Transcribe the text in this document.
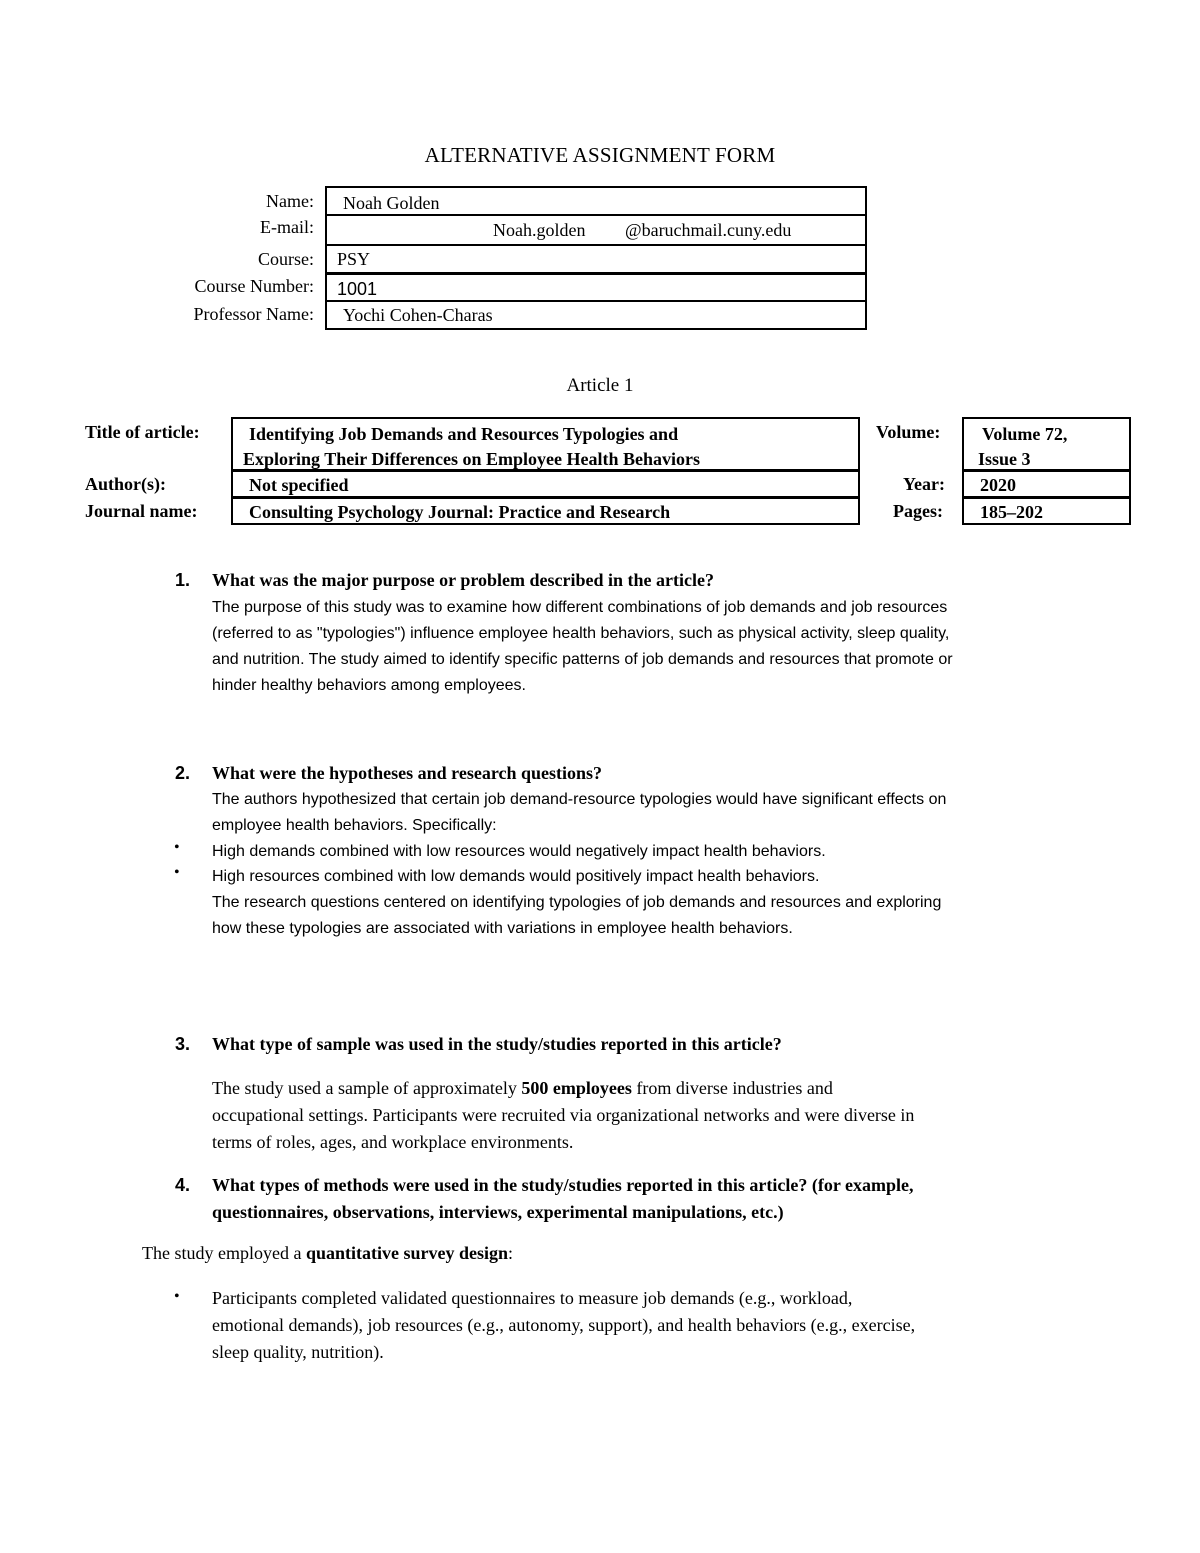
ALTERNATIVE ASSIGNMENT FORM
Name:
E-mail:
Course:
Course Number:
Professor Name:
Noah Golden
Noah.golden @baruchmail.cuny.edu
PSY
1001
Yochi Cohen-Charas
Article 1
Title of article:
Author(s):
Journal name:
Identifying Job Demands and Resources Typologies and
Exploring Their Differences on Employee Health Behaviors
Not specified
Consulting Psychology Journal: Practice and Research
Volume:
Year:
Pages:
Volume 72,
Issue 3
2020
185–202
1. What was the major purpose or problem described in the article?
The purpose of this study was to examine how different combinations of job demands and job resources
(referred to as "typologies") influence employee health behaviors, such as physical activity, sleep quality,
and nutrition. The study aimed to identify specific patterns of job demands and resources that promote or
hinder healthy behaviors among employees.
2. What were the hypotheses and research questions?
The authors hypothesized that certain job demand-resource typologies would have significant effects on
employee health behaviors. Specifically:
• High demands combined with low resources would negatively impact health behaviors.
• High resources combined with low demands would positively impact health behaviors.
The research questions centered on identifying typologies of job demands and resources and exploring
how these typologies are associated with variations in employee health behaviors.
3. What type of sample was used in the study/studies reported in this article?
The study used a sample of approximately 500 employees from diverse industries and
occupational settings. Participants were recruited via organizational networks and were diverse in
terms of roles, ages, and workplace environments.
4. What types of methods were used in the study/studies reported in this article? (for example,
questionnaires, observations, interviews, experimental manipulations, etc.)
The study employed a quantitative survey design:
• Participants completed validated questionnaires to measure job demands (e.g., workload,
emotional demands), job resources (e.g., autonomy, support), and health behaviors (e.g., exercise,
sleep quality, nutrition).
